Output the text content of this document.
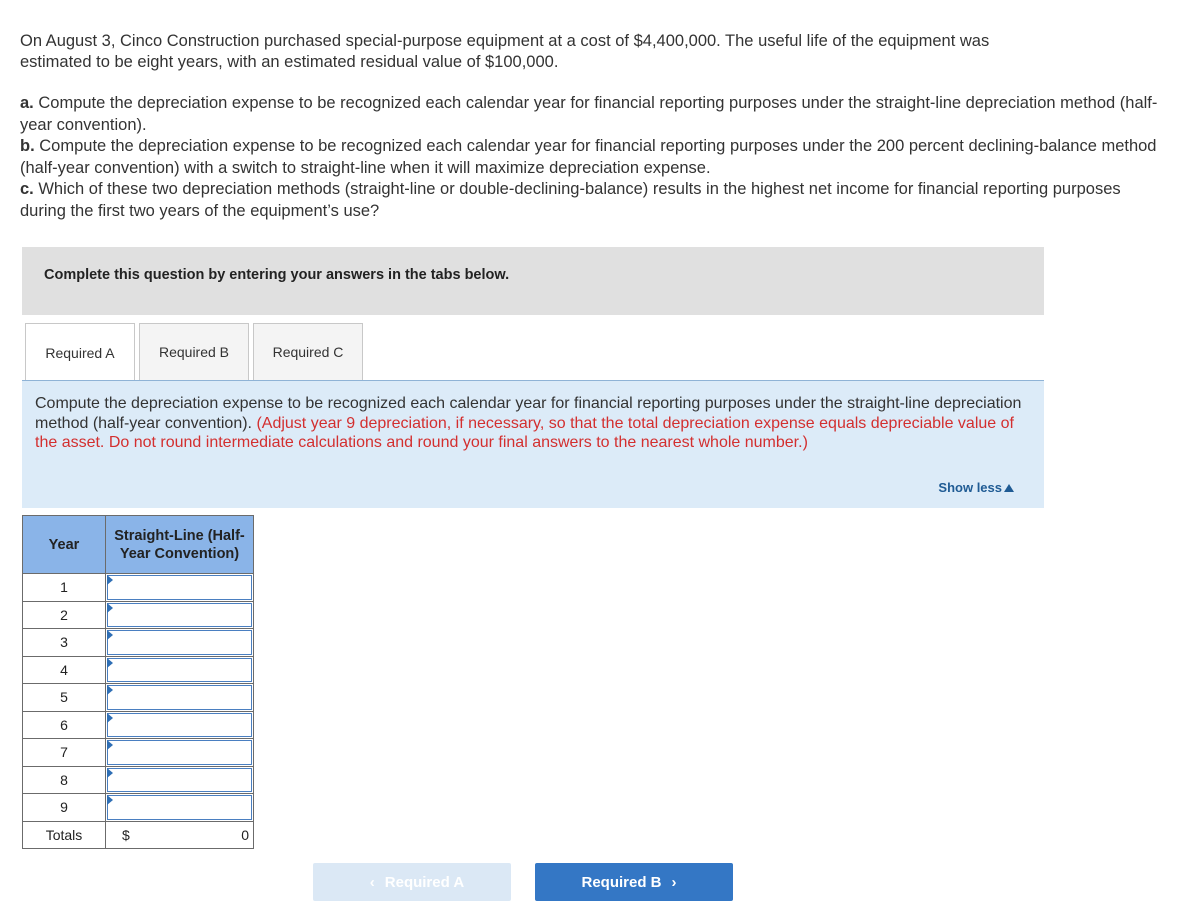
On August 3, Cinco Construction purchased special-purpose equipment at a cost of $4,400,000. The useful life of the equipment was

estimated to be eight years, with an estimated residual value of $100,000.

a. Compute the depreciation expense to be recognized each calendar year for financial reporting purposes under the straight-line depreciation method (half-year convention).

b. Compute the depreciation expense to be recognized each calendar year for financial reporting purposes under the 200 percent declining-balance method (half-year convention) with a switch to straight-line when it will maximize depreciation expense.

c. Which of these two depreciation methods (straight-line or double-declining-balance) results in the highest net income for financial reporting purposes during the first two years of the equipment’s use?

Complete this question by entering your answers in the tabs below.
Required A	Required B	Required C
Compute the depreciation expense to be recognized each calendar year for financial reporting purposes under the straight-line depreciation method (half-year convention). (Adjust year 9 depreciation, if necessary, so that the total depreciation expense equals depreciable value of the asset. Do not round intermediate calculations and round your final answers to the nearest whole number.)
Show less
Year	Straight-Line (Half-Year Convention)
1	

2	

3	

4	

5	

6	

7	

8	

9	

Totals	$ 0
‹ Required A	Required B ›
